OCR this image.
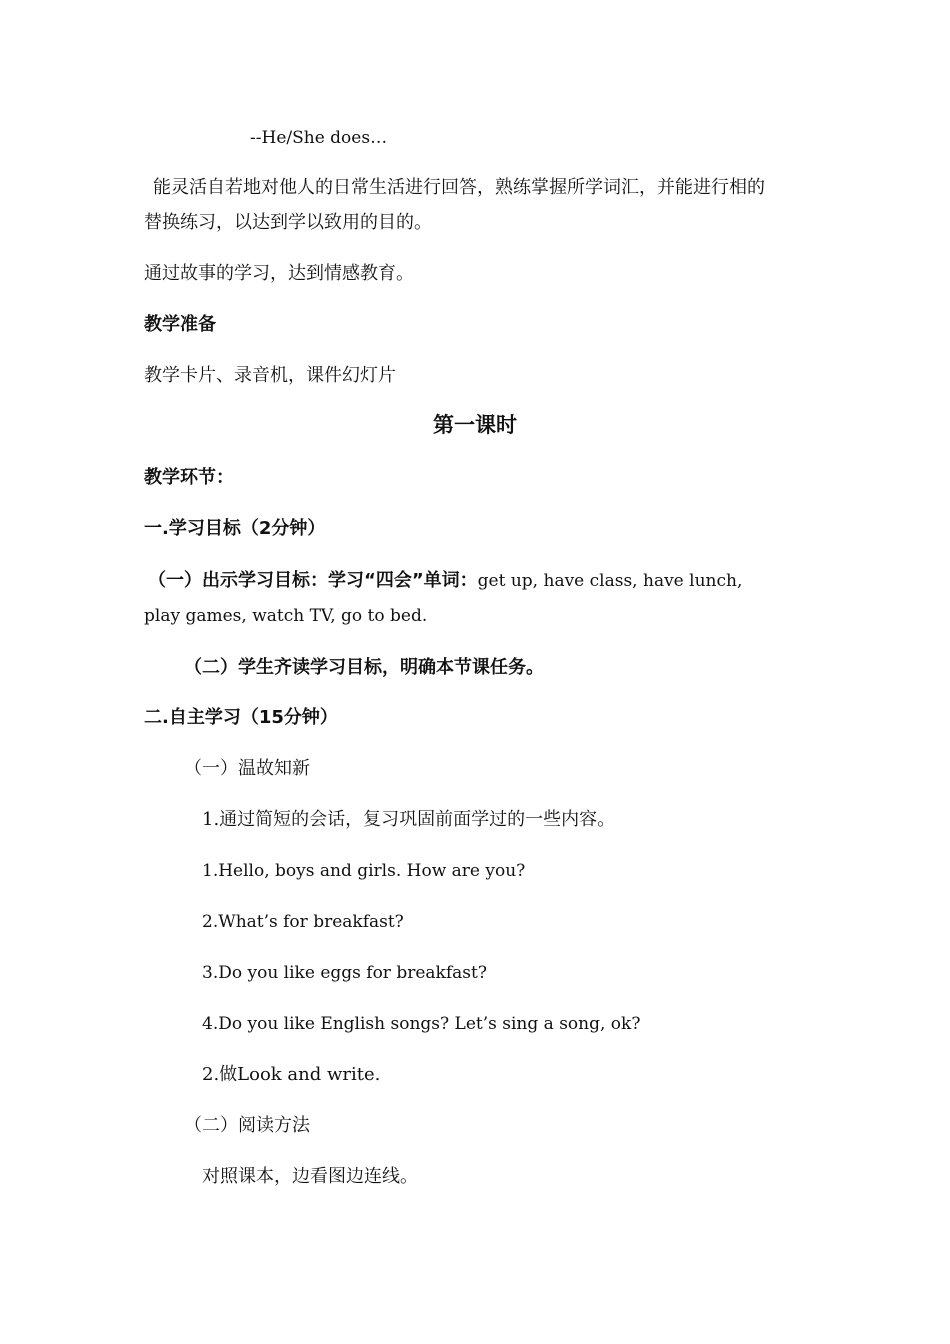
--He/She does…
能灵活自若地对他人的日常生活进行回答，熟练掌握所学词汇，并能进行相的
替换练习，以达到学以致用的目的。
通过故事的学习，达到情感教育。
教学准备
教学卡片、录音机，课件幻灯片
第一课时
教学环节：
一.学习目标（2分钟）
（一）出示学习目标：学习“四会”单词：get up, have class, have lunch,
play games, watch TV, go to bed.
（二）学生齐读学习目标，明确本节课任务。
二.自主学习（15分钟）
（一）温故知新
1.通过简短的会话，复习巩固前面学过的一些内容。
1.Hello, boys and girls. How are you?
2.What’s for breakfast?
3.Do you like eggs for breakfast?
4.Do you like English songs? Let’s sing a song, ok?
2.做Look and write.
（二）阅读方法
对照课本，边看图边连线。
